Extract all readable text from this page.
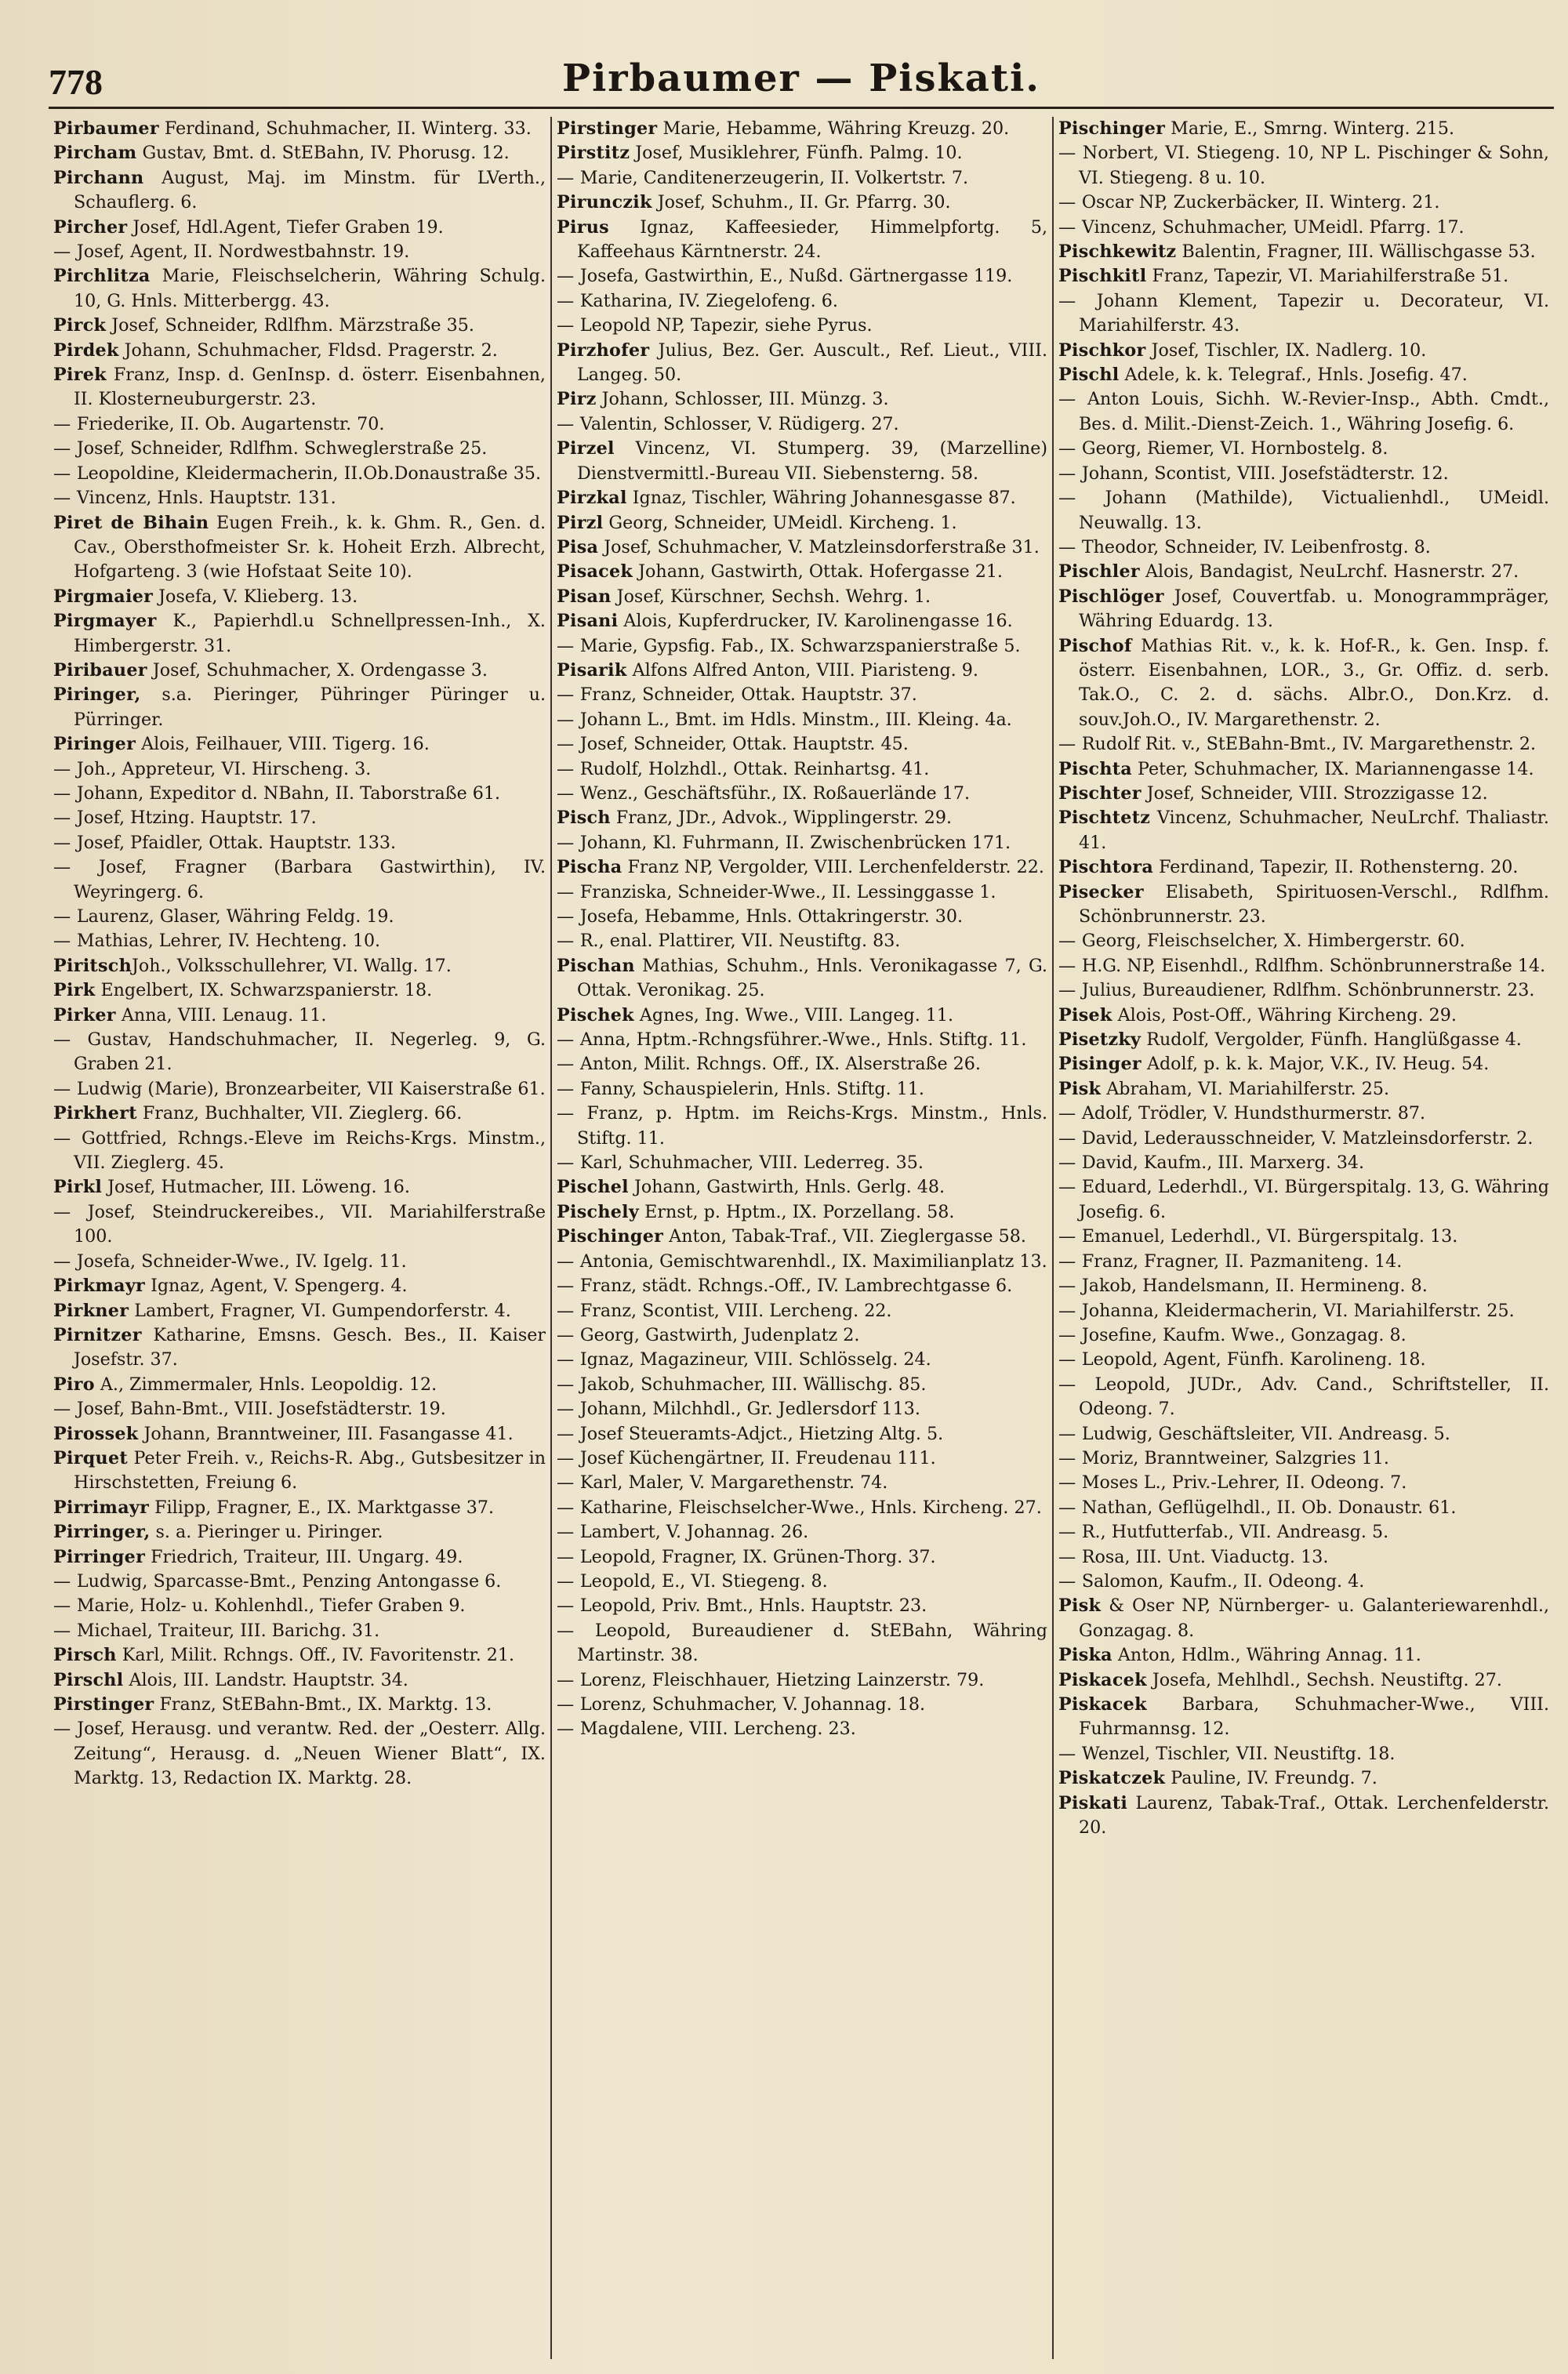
778	Pirbaumer — Piskati.
Pirbaumer Ferdinand, Schuhmacher, II. Winterg. 33.
Pircham Gustav, Bmt. d. StEBahn, IV. Phorusg. 12.
Pirchann August, Maj. im Minstm. für LVerth., Schauflerg. 6.
Pircher Josef, Hdl.Agent, Tiefer Graben 19.
— Josef, Agent, II. Nordwestbahnstr. 19.
Pirchlitza Marie, Fleischselcherin, Währing Schulg. 10, G. Hnls. Mitterbergg. 43.
Pirck Josef, Schneider, Rdlfhm. Märzstraße 35.
Pirdek Johann, Schuhmacher, Fldsd. Pragerstr. 2.
Pirek Franz, Insp. d. GenInsp. d. österr. Eisenbahnen, II. Klosterneuburgerstr. 23.
— Friederike, II. Ob. Augartenstr. 70.
— Josef, Schneider, Rdlfhm. Schweglerstraße 25.
— Leopoldine, Kleidermacherin, II.Ob.Donaustraße 35.
— Vincenz, Hnls. Hauptstr. 131.
Piret de Bihain Eugen Freih., k. k. Ghm. R., Gen. d. Cav., Obersthofmeister Sr. k. Hoheit Erzh. Albrecht, Hofgarteng. 3 (wie Hofstaat Seite 10).
Pirgmaier Josefa, V. Klieberg. 13.
Pirgmayer K., Papierhdl.u Schnellpressen-Inh., X. Himbergerstr. 31.
Piribauer Josef, Schuhmacher, X. Ordengasse 3.
Piringer, s.a. Pieringer, Pühringer Püringer u. Pürringer.
Piringer Alois, Feilhauer, VIII. Tigerg. 16.
— Joh., Appreteur, VI. Hirscheng. 3.
— Johann, Expeditor d. NBahn, II. Taborstraße 61.
— Josef, Htzing. Hauptstr. 17.
— Josef, Pfaidler, Ottak. Hauptstr. 133.
— Josef, Fragner (Barbara Gastwirthin), IV. Weyringerg. 6.
— Laurenz, Glaser, Währing Feldg. 19.
— Mathias, Lehrer, IV. Hechteng. 10.
PiritschJoh., Volksschullehrer, VI. Wallg. 17.
Pirk Engelbert, IX. Schwarzspanierstr. 18.
Pirker Anna, VIII. Lenaug. 11.
— Gustav, Handschuhmacher, II. Negerleg. 9, G. Graben 21.
— Ludwig (Marie), Bronzearbeiter, VII Kaiserstraße 61.
Pirkhert Franz, Buchhalter, VII. Zieglerg. 66.
— Gottfried, Rchngs.-Eleve im Reichs-Krgs. Minstm., VII. Zieglerg. 45.
Pirkl Josef, Hutmacher, III. Löweng. 16.
— Josef, Steindruckereibes., VII. Mariahilferstraße 100.
— Josefa, Schneider-Wwe., IV. Igelg. 11.
Pirkmayr Ignaz, Agent, V. Spengerg. 4.
Pirkner Lambert, Fragner, VI. Gumpendorferstr. 4.
Pirnitzer Katharine, Emsns. Gesch. Bes., II. Kaiser Josefstr. 37.
Piro A., Zimmermaler, Hnls. Leopoldig. 12.
— Josef, Bahn-Bmt., VIII. Josefstädterstr. 19.
Pirossek Johann, Branntweiner, III. Fasangasse 41.
Pirquet Peter Freih. v., Reichs-R. Abg., Gutsbesitzer in Hirschstetten, Freiung 6.
Pirrimayr Filipp, Fragner, E., IX. Marktgasse 37.
Pirringer, s. a. Pieringer u. Piringer.
Pirringer Friedrich, Traiteur, III. Ungarg. 49.
— Ludwig, Sparcasse-Bmt., Penzing Antongasse 6.
— Marie, Holz- u. Kohlenhdl., Tiefer Graben 9.
— Michael, Traiteur, III. Barichg. 31.
Pirsch Karl, Milit. Rchngs. Off., IV. Favoritenstr. 21.
Pirschl Alois, III. Landstr. Hauptstr. 34.
Pirstinger Franz, StEBahn-Bmt., IX. Marktg. 13.
— Josef, Herausg. und verantw. Red. der „Oesterr. Allg. Zeitung“, Herausg. d. „Neuen Wiener Blatt“, IX. Marktg. 13, Redaction IX. Marktg. 28.
Pirstinger Marie, Hebamme, Währing Kreuzg. 20.
Pirstitz Josef, Musiklehrer, Fünfh. Palmg. 10.
— Marie, Canditenerzeugerin, II. Volkertstr. 7.
Pirunczik Josef, Schuhm., II. Gr. Pfarrg. 30.
Pirus Ignaz, Kaffeesieder, Himmelpfortg. 5, Kaffeehaus Kärntnerstr. 24.
— Josefa, Gastwirthin, E., Nußd. Gärtnergasse 119.
— Katharina, IV. Ziegelofeng. 6.
— Leopold NP, Tapezir, siehe Pyrus.
Pirzhofer Julius, Bez. Ger. Auscult., Ref. Lieut., VIII. Langeg. 50.
Pirz Johann, Schlosser, III. Münzg. 3.
— Valentin, Schlosser, V. Rüdigerg. 27.
Pirzel Vincenz, VI. Stumperg. 39, (Marzelline) Dienstvermittl.-Bureau VII. Siebensterng. 58.
Pirzkal Ignaz, Tischler, Währing Johannesgasse 87.
Pirzl Georg, Schneider, UMeidl. Kircheng. 1.
Pisa Josef, Schuhmacher, V. Matzleinsdorferstraße 31.
Pisacek Johann, Gastwirth, Ottak. Hofergasse 21.
Pisan Josef, Kürschner, Sechsh. Wehrg. 1.
Pisani Alois, Kupferdrucker, IV. Karolinengasse 16.
— Marie, Gypsfig. Fab., IX. Schwarzspanierstraße 5.
Pisarik Alfons Alfred Anton, VIII. Piaristeng. 9.
— Franz, Schneider, Ottak. Hauptstr. 37.
— Johann L., Bmt. im Hdls. Minstm., III. Kleing. 4a.
— Josef, Schneider, Ottak. Hauptstr. 45.
— Rudolf, Holzhdl., Ottak. Reinhartsg. 41.
— Wenz., Geschäftsführ., IX. Roßauerlände 17.
Pisch Franz, JDr., Advok., Wipplingerstr. 29.
— Johann, Kl. Fuhrmann, II. Zwischenbrücken 171.
Pischa Franz NP, Vergolder, VIII. Lerchenfelderstr. 22.
— Franziska, Schneider-Wwe., II. Lessinggasse 1.
— Josefa, Hebamme, Hnls. Ottakringerstr. 30.
— R., enal. Plattirer, VII. Neustiftg. 83.
Pischan Mathias, Schuhm., Hnls. Veronikagasse 7, G. Ottak. Veronikag. 25.
Pischek Agnes, Ing. Wwe., VIII. Langeg. 11.
— Anna, Hptm.-Rchngsführer.-Wwe., Hnls. Stiftg. 11.
— Anton, Milit. Rchngs. Off., IX. Alserstraße 26.
— Fanny, Schauspielerin, Hnls. Stiftg. 11.
— Franz, p. Hptm. im Reichs-Krgs. Minstm., Hnls. Stiftg. 11.
— Karl, Schuhmacher, VIII. Lederreg. 35.
Pischel Johann, Gastwirth, Hnls. Gerlg. 48.
Pischely Ernst, p. Hptm., IX. Porzellang. 58.
Pischinger Anton, Tabak-Traf., VII. Zieglergasse 58.
— Antonia, Gemischtwarenhdl., IX. Maximilianplatz 13.
— Franz, städt. Rchngs.-Off., IV. Lambrechtgasse 6.
— Franz, Scontist, VIII. Lercheng. 22.
— Georg, Gastwirth, Judenplatz 2.
— Ignaz, Magazineur, VIII. Schlösselg. 24.
— Jakob, Schuhmacher, III. Wällischg. 85.
— Johann, Milchhdl., Gr. Jedlersdorf 113.
— Josef Steueramts-Adjct., Hietzing Altg. 5.
— Josef Küchengärtner, II. Freudenau 111.
— Karl, Maler, V. Margarethenstr. 74.
— Katharine, Fleischselcher-Wwe., Hnls. Kircheng. 27.
— Lambert, V. Johannag. 26.
— Leopold, Fragner, IX. Grünen-Thorg. 37.
— Leopold, E., VI. Stiegeng. 8.
— Leopold, Priv. Bmt., Hnls. Hauptstr. 23.
— Leopold, Bureaudiener d. StEBahn, Währing Martinstr. 38.
— Lorenz, Fleischhauer, Hietzing Lainzerstr. 79.
— Lorenz, Schuhmacher, V. Johannag. 18.
— Magdalene, VIII. Lercheng. 23.
Pischinger Marie, E., Smrng. Winterg. 215.
— Norbert, VI. Stiegeng. 10, NP L. Pischinger & Sohn, VI. Stiegeng. 8 u. 10.
— Oscar NP, Zuckerbäcker, II. Winterg. 21.
— Vincenz, Schuhmacher, UMeidl. Pfarrg. 17.
Pischkewitz Balentin, Fragner, III. Wällischgasse 53.
Pischkitl Franz, Tapezir, VI. Mariahilferstraße 51.
— Johann Klement, Tapezir u. Decorateur, VI. Mariahilferstr. 43.
Pischkor Josef, Tischler, IX. Nadlerg. 10.
Pischl Adele, k. k. Telegraf., Hnls. Josefig. 47.
— Anton Louis, Sichh. W.-Revier-Insp., Abth. Cmdt., Bes. d. Milit.-Dienst-Zeich. 1., Währing Josefig. 6.
— Georg, Riemer, VI. Hornbostelg. 8.
— Johann, Scontist, VIII. Josefstädterstr. 12.
— Johann (Mathilde), Victualienhdl., UMeidl. Neuwallg. 13.
— Theodor, Schneider, IV. Leibenfrostg. 8.
Pischler Alois, Bandagist, NeuLrchf. Hasnerstr. 27.
Pischlöger Josef, Couvertfab. u. Monogrammpräger, Währing Eduardg. 13.
Pischof Mathias Rit. v., k. k. Hof-R., k. Gen. Insp. f. österr. Eisenbahnen, LOR., 3., Gr. Offiz. d. serb. Tak.O., C. 2. d. sächs. Albr.O., Don.Krz. d. souv.Joh.O., IV. Margarethenstr. 2.
— Rudolf Rit. v., StEBahn-Bmt., IV. Margarethenstr. 2.
Pischta Peter, Schuhmacher, IX. Mariannengasse 14.
Pischter Josef, Schneider, VIII. Strozzigasse 12.
Pischtetz Vincenz, Schuhmacher, NeuLrchf. Thaliastr. 41.
Pischtora Ferdinand, Tapezir, II. Rothensterng. 20.
Pisecker Elisabeth, Spirituosen-Verschl., Rdlfhm. Schönbrunnerstr. 23.
— Georg, Fleischselcher, X. Himbergerstr. 60.
— H.G. NP, Eisenhdl., Rdlfhm. Schönbrunnerstraße 14.
— Julius, Bureaudiener, Rdlfhm. Schönbrunnerstr. 23.
Pisek Alois, Post-Off., Währing Kircheng. 29.
Pisetzky Rudolf, Vergolder, Fünfh. Hanglüßgasse 4.
Pisinger Adolf, p. k. k. Major, V.K., IV. Heug. 54.
Pisk Abraham, VI. Mariahilferstr. 25.
— Adolf, Trödler, V. Hundsthurmerstr. 87.
— David, Lederausschneider, V. Matzleinsdorferstr. 2.
— David, Kaufm., III. Marxerg. 34.
— Eduard, Lederhdl., VI. Bürgerspitalg. 13, G. Währing Josefig. 6.
— Emanuel, Lederhdl., VI. Bürgerspitalg. 13.
— Franz, Fragner, II. Pazmaniteng. 14.
— Jakob, Handelsmann, II. Hermineng. 8.
— Johanna, Kleidermacherin, VI. Mariahilferstr. 25.
— Josefine, Kaufm. Wwe., Gonzagag. 8.
— Leopold, Agent, Fünfh. Karolineng. 18.
— Leopold, JUDr., Adv. Cand., Schriftsteller, II. Odeong. 7.
— Ludwig, Geschäftsleiter, VII. Andreasg. 5.
— Moriz, Branntweiner, Salzgries 11.
— Moses L., Priv.-Lehrer, II. Odeong. 7.
— Nathan, Geflügelhdl., II. Ob. Donaustr. 61.
— R., Hutfutterfab., VII. Andreasg. 5.
— Rosa, III. Unt. Viaductg. 13.
— Salomon, Kaufm., II. Odeong. 4.
Pisk & Oser NP, Nürnberger- u. Galanteriewarenhdl., Gonzagag. 8.
Piska Anton, Hdlm., Währing Annag. 11.
Piskacek Josefa, Mehlhdl., Sechsh. Neustiftg. 27.
Piskacek Barbara, Schuhmacher-Wwe., VIII. Fuhrmannsg. 12.
— Wenzel, Tischler, VII. Neustiftg. 18.
Piskatczek Pauline, IV. Freundg. 7.
Piskati Laurenz, Tabak-Traf., Ottak. Lerchenfelderstr. 20.
